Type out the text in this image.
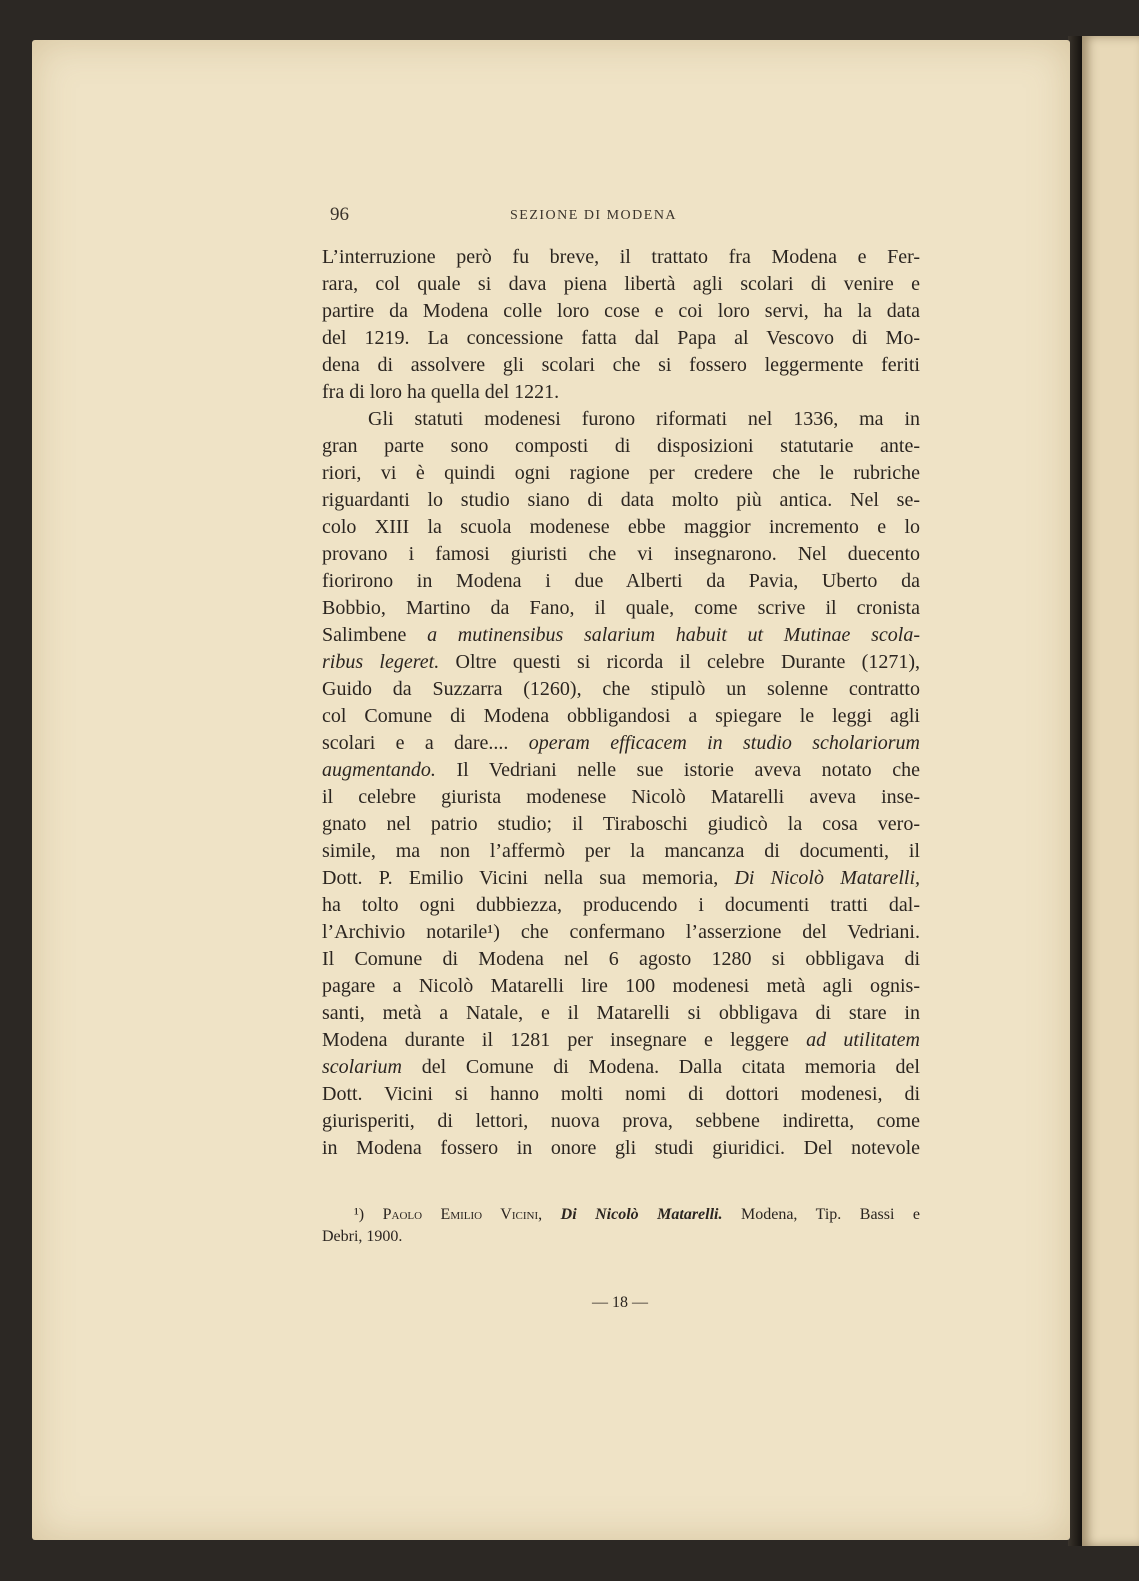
96	SEZIONE DI MODENA
L’interruzione però fu breve, il trattato fra Modena e Fer-
rara, col quale si dava piena libertà agli scolari di venire e
partire da Modena colle loro cose e coi loro servi, ha la data
del 1219. La concessione fatta dal Papa al Vescovo di Mo-
dena di assolvere gli scolari che si fossero leggermente feriti
fra di loro ha quella del 1221.
Gli statuti modenesi furono riformati nel 1336, ma in
gran parte sono composti di disposizioni statutarie ante-
riori, vi è quindi ogni ragione per credere che le rubriche
riguardanti lo studio siano di data molto più antica. Nel se-
colo XIII la scuola modenese ebbe maggior incremento e lo
provano i famosi giuristi che vi insegnarono. Nel duecento
fiorirono in Modena i due Alberti da Pavia, Uberto da
Bobbio, Martino da Fano, il quale, come scrive il cronista
Salimbene a mutinensibus salarium habuit ut Mutinae scola-
ribus legeret. Oltre questi si ricorda il celebre Durante (1271),
Guido da Suzzarra (1260), che stipulò un solenne contratto
col Comune di Modena obbligandosi a spiegare le leggi agli
scolari e a dare.... operam efficacem in studio scholariorum
augmentando. Il Vedriani nelle sue istorie aveva notato che
il celebre giurista modenese Nicolò Matarelli aveva inse-
gnato nel patrio studio; il Tiraboschi giudicò la cosa vero-
simile, ma non l’affermò per la mancanza di documenti, il
Dott. P. Emilio Vicini nella sua memoria, Di Nicolò Matarelli,
ha tolto ogni dubbiezza, producendo i documenti tratti dal-
l’Archivio notarile¹) che confermano l’asserzione del Vedriani.
Il Comune di Modena nel 6 agosto 1280 si obbligava di
pagare a Nicolò Matarelli lire 100 modenesi metà agli ognis-
santi, metà a Natale, e il Matarelli si obbligava di stare in
Modena durante il 1281 per insegnare e leggere ad utilitatem
scolarium del Comune di Modena. Dalla citata memoria del
Dott. Vicini si hanno molti nomi di dottori modenesi, di
giurisperiti, di lettori, nuova prova, sebbene indiretta, come
in Modena fossero in onore gli studi giuridici. Del notevole
¹) Paolo Emilio Vicini, Di Nicolò Matarelli. Modena, Tip. Bassi e
Debri, 1900.
— 18 —
